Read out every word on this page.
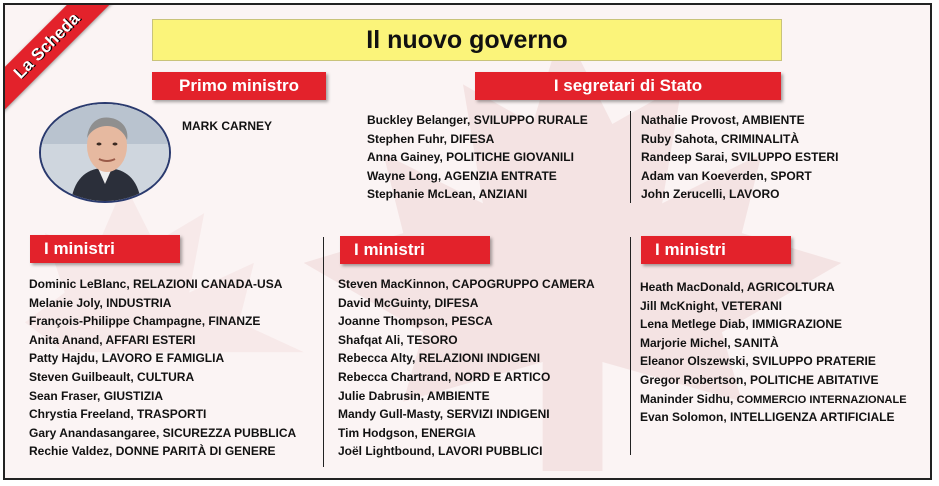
La Scheda	Il nuovo governo
Primo ministro
MARK CARNEY
I segretari di Stato
Buckley Belanger, SVILUPPO RURALE
Stephen Fuhr, DIFESA
Anna Gainey, POLITICHE GIOVANILI
Wayne Long, AGENZIA ENTRATE
Stephanie McLean, ANZIANI
Nathalie Provost, AMBIENTE
Ruby Sahota, CRIMINALITÀ
Randeep Sarai, SVILUPPO ESTERI
Adam van Koeverden, SPORT
John Zerucelli, LAVORO
I ministri
Dominic LeBlanc, RELAZIONI CANADA-USA
Melanie Joly, INDUSTRIA
François-Philippe Champagne, FINANZE
Anita Anand, AFFARI ESTERI
Patty Hajdu, LAVORO E FAMIGLIA
Steven Guilbeault, CULTURA
Sean Fraser, GIUSTIZIA
Chrystia Freeland, TRASPORTI
Gary Anandasangaree, SICUREZZA PUBBLICA
Rechie Valdez, DONNE PARITÀ DI GENERE
I ministri
Steven MacKinnon, CAPOGRUPPO CAMERA
David McGuinty, DIFESA
Joanne Thompson, PESCA
Shafqat Ali, TESORO
Rebecca Alty, RELAZIONI INDIGENI
Rebecca Chartrand, NORD E ARTICO
Julie Dabrusin, AMBIENTE
Mandy Gull-Masty, SERVIZI INDIGENI
Tim Hodgson, ENERGIA
Joël Lightbound, LAVORI PUBBLICI
I ministri
Heath MacDonald, AGRICOLTURA
Jill McKnight, VETERANI
Lena Metlege Diab, IMMIGRAZIONE
Marjorie Michel, SANITÀ
Eleanor Olszewski, SVILUPPO PRATERIE
Gregor Robertson, POLITICHE ABITATIVE
Maninder Sidhu, COMMERCIO INTERNAZIONALE
Evan Solomon, INTELLIGENZA ARTIFICIALE
